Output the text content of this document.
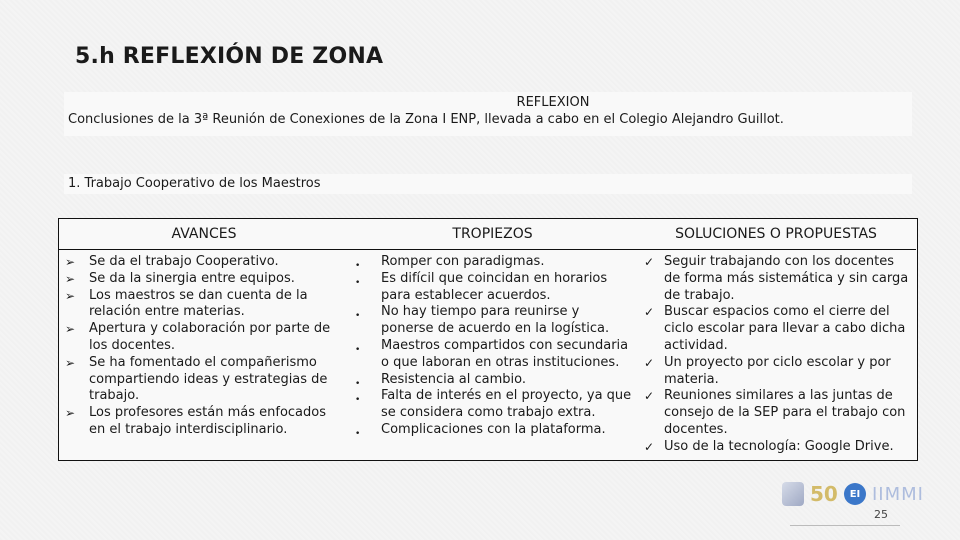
5.h REFLEXIÓN DE ZONA
REFLEXION
Conclusiones de la 3ª Reunión de Conexiones de la Zona I ENP, llevada a cabo en el Colegio Alejandro Guillot.
1. Trabajo Cooperativo de los Maestros
AVANCES	TROPIEZOS	SOLUCIONES O PROPUESTAS
➢ Se da el trabajo Cooperativo.
➢ Se da la sinergia entre equipos.
➢ Los maestros se dan cuenta de la relación entre materias.
➢ Apertura y colaboración por parte de los docentes.
➢ Se ha fomentado el compañerismo compartiendo ideas y estrategias de trabajo.
➢ Los profesores están más enfocados en el trabajo interdisciplinario.
• Romper con paradigmas.
• Es difícil que coincidan en horarios para establecer acuerdos.
• No hay tiempo para reunirse y ponerse de acuerdo en la logística.
• Maestros compartidos con secundaria o que laboran en otras instituciones.
• Resistencia al cambio.
• Falta de interés en el proyecto, ya que se considera como trabajo extra.
• Complicaciones con la plataforma.
✓ Seguir trabajando con los docentes de forma más sistemática y sin carga de trabajo.
✓ Buscar espacios como el cierre del ciclo escolar para llevar a cabo dicha actividad.
✓ Un proyecto por ciclo escolar y por materia.
✓ Reuniones similares a las juntas de consejo de la SEP para el trabajo con docentes.
✓ Uso de la tecnología: Google Drive.
50	EI IIMMI
25
